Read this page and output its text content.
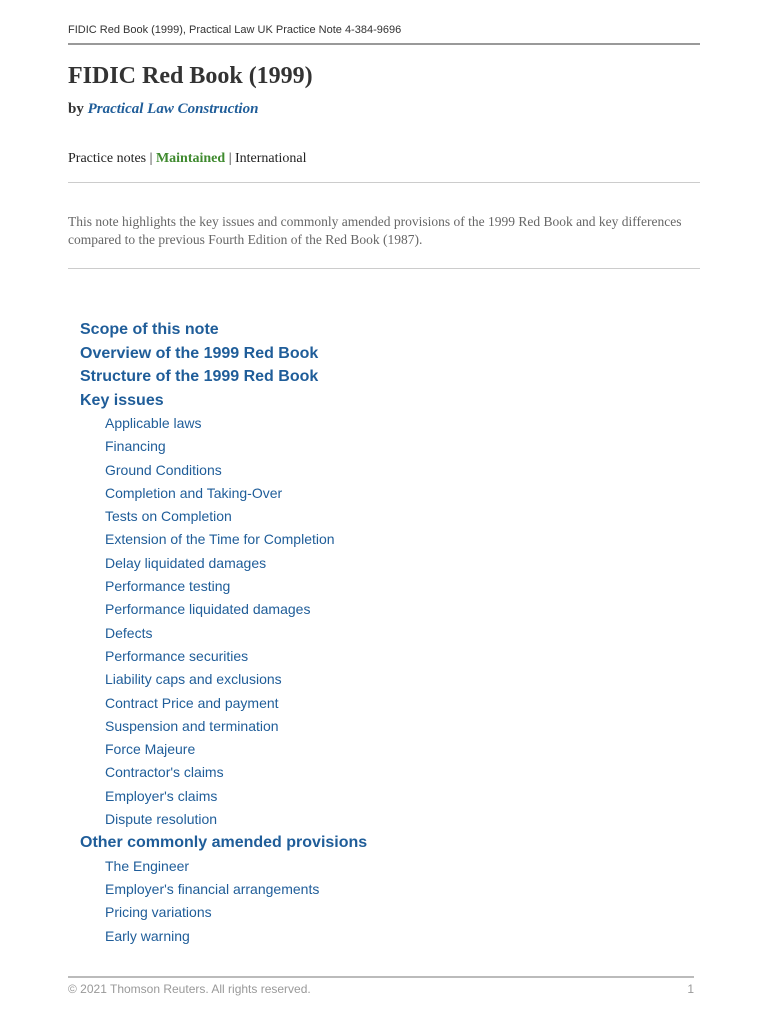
FIDIC Red Book (1999), Practical Law UK Practice Note 4-384-9696
FIDIC Red Book (1999)
by Practical Law Construction
Practice notes | Maintained | International
This note highlights the key issues and commonly amended provisions of the 1999 Red Book and key differences compared to the previous Fourth Edition of the Red Book (1987).
Scope of this note
Overview of the 1999 Red Book
Structure of the 1999 Red Book
Key issues
Applicable laws
Financing
Ground Conditions
Completion and Taking-Over
Tests on Completion
Extension of the Time for Completion
Delay liquidated damages
Performance testing
Performance liquidated damages
Defects
Performance securities
Liability caps and exclusions
Contract Price and payment
Suspension and termination
Force Majeure
Contractor's claims
Employer's claims
Dispute resolution
Other commonly amended provisions
The Engineer
Employer's financial arrangements
Pricing variations
Early warning
© 2021 Thomson Reuters. All rights reserved.	1
